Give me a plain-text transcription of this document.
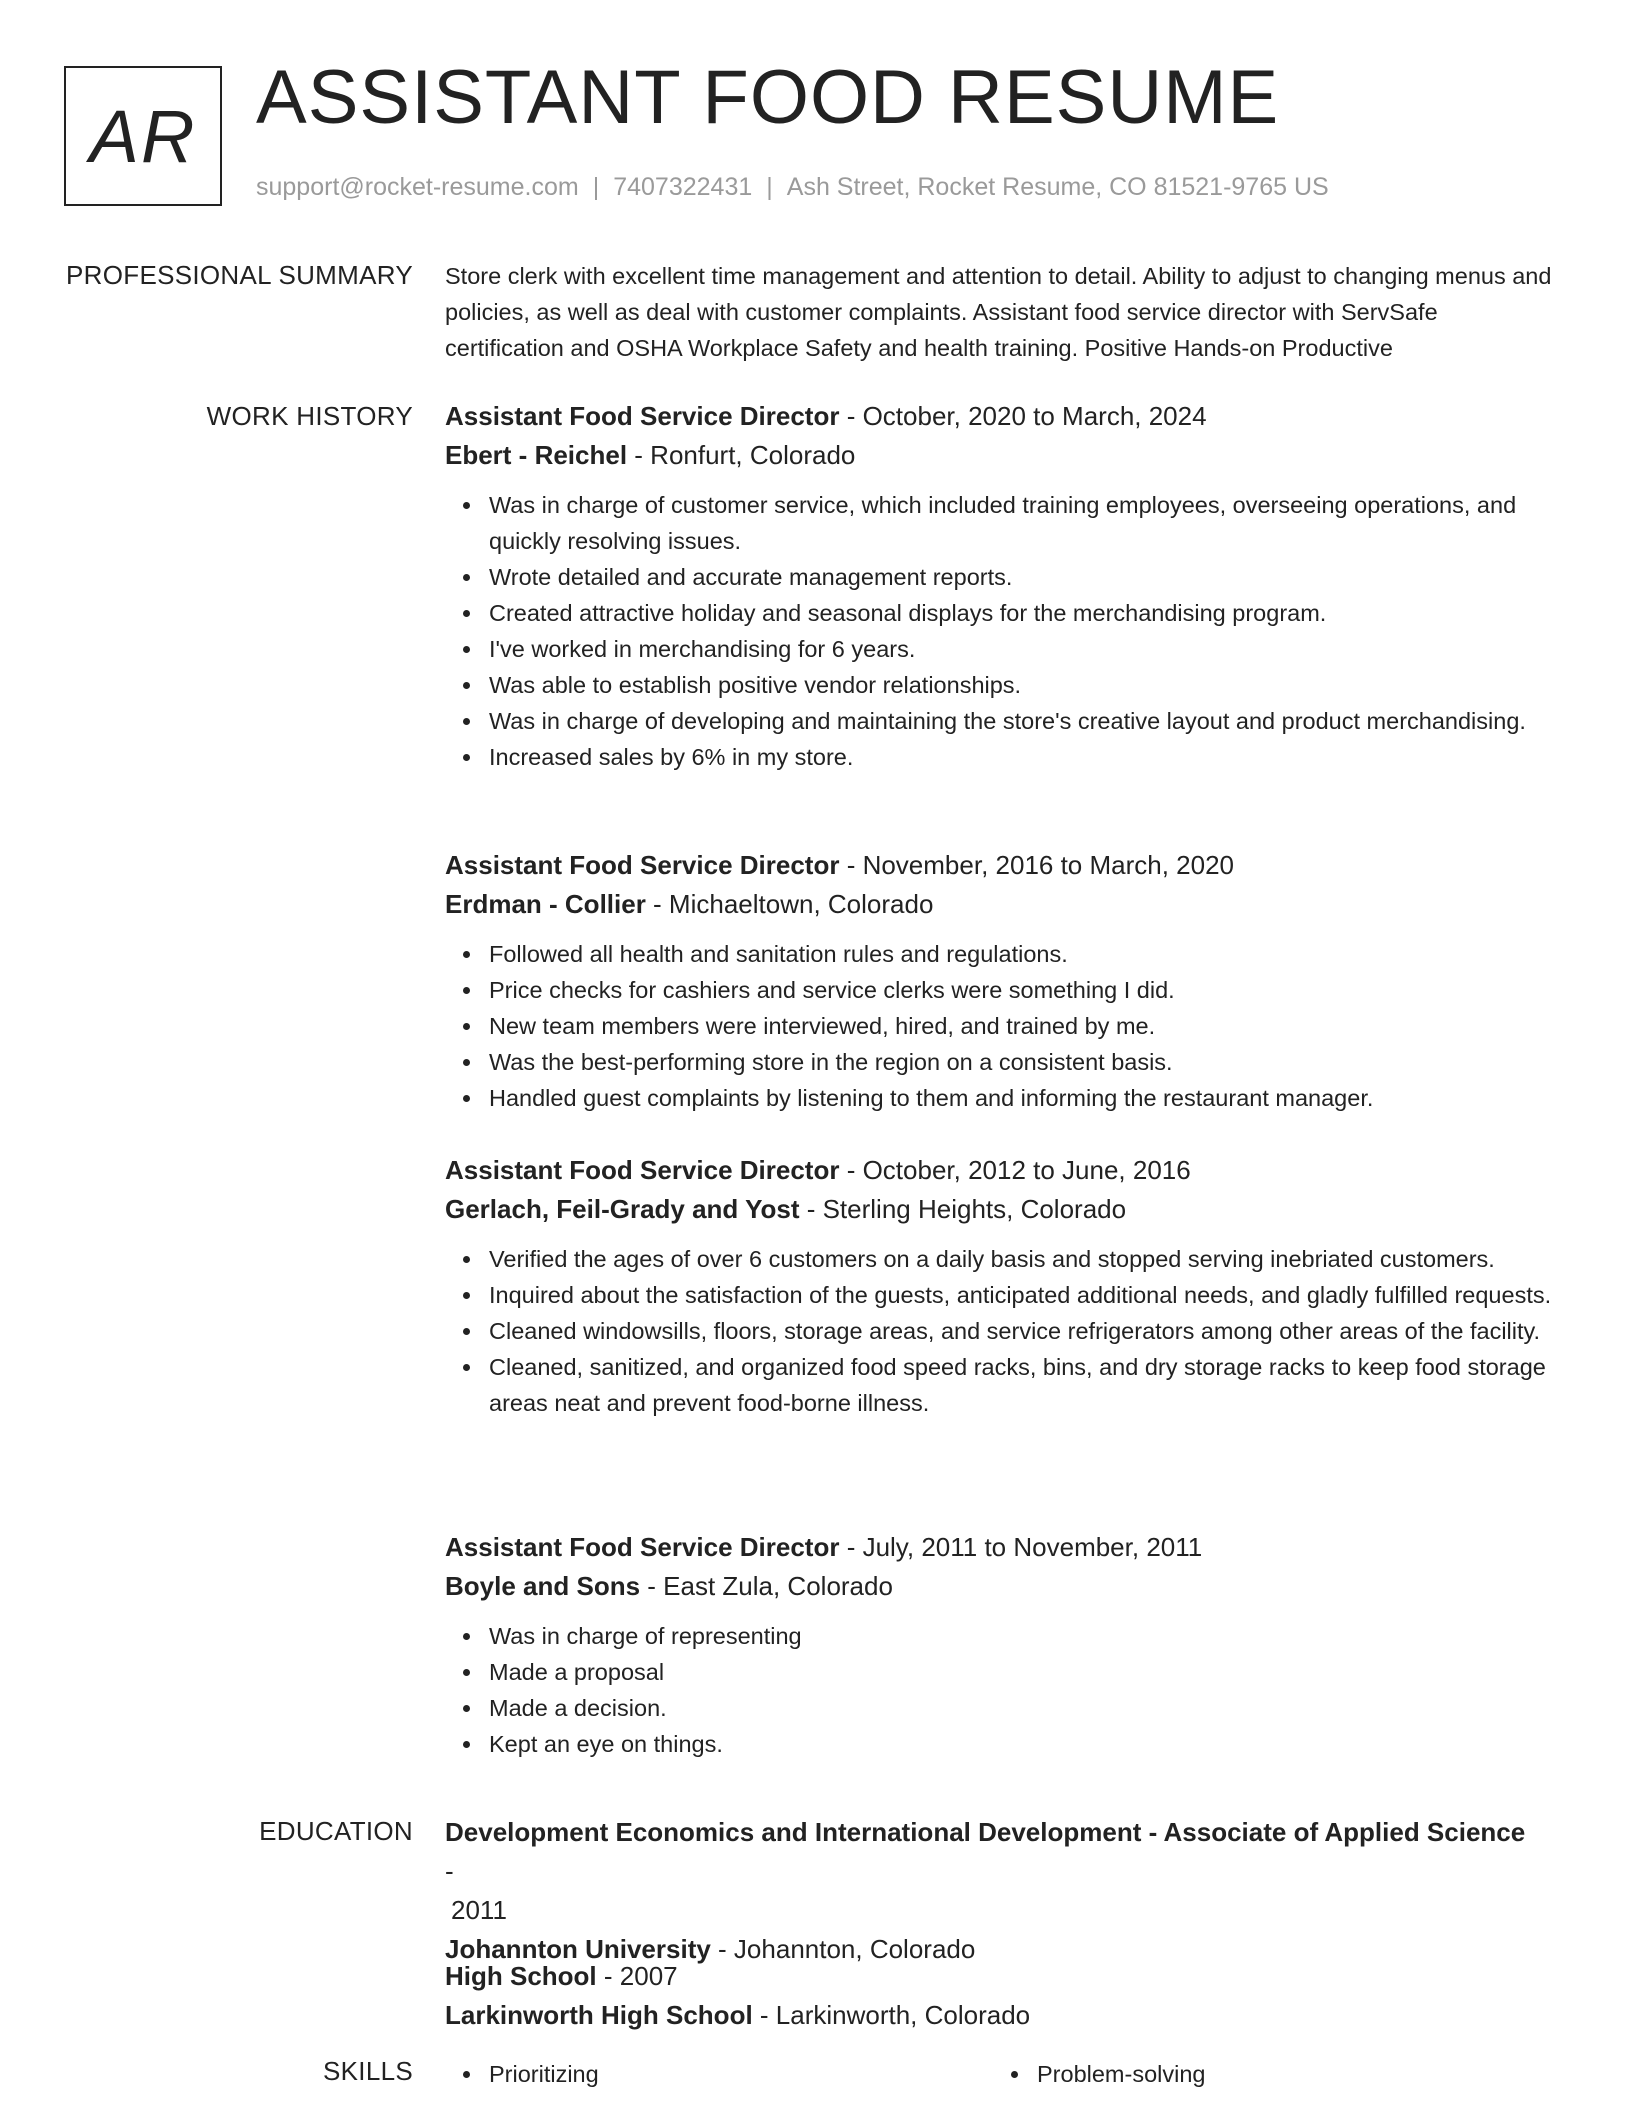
AR ASSISTANT FOOD RESUME
support@rocket-resume.com | 7407322431 | Ash Street, Rocket Resume, CO 81521-9765 US
PROFESSIONAL SUMMARY Store clerk with excellent time management and attention to detail. Ability to adjust to changing menus and policies, as well as deal with customer complaints. Assistant food service director with ServSafe certification and OSHA Workplace Safety and health training. Positive Hands-on Productive

WORK HISTORY Assistant Food Service Director - October, 2020 to March, 2024
Ebert - Reichel - Ronfurt, Colorado
Was in charge of customer service, which included training employees, overseeing operations, and quickly resolving issues.
Wrote detailed and accurate management reports.
Created attractive holiday and seasonal displays for the merchandising program.
I've worked in merchandising for 6 years.
Was able to establish positive vendor relationships.
Was in charge of developing and maintaining the store's creative layout and product merchandising.
Increased sales by 6% in my store.
Assistant Food Service Director - November, 2016 to March, 2020
Erdman - Collier - Michaeltown, Colorado
Followed all health and sanitation rules and regulations.
Price checks for cashiers and service clerks were something I did.
New team members were interviewed, hired, and trained by me.
Was the best-performing store in the region on a consistent basis.
Handled guest complaints by listening to them and informing the restaurant manager.
Assistant Food Service Director - October, 2012 to June, 2016
Gerlach, Feil-Grady and Yost - Sterling Heights, Colorado
Verified the ages of over 6 customers on a daily basis and stopped serving inebriated customers.
Inquired about the satisfaction of the guests, anticipated additional needs, and gladly fulfilled requests.
Cleaned windowsills, floors, storage areas, and service refrigerators among other areas of the facility.
Cleaned, sanitized, and organized food speed racks, bins, and dry storage racks to keep food storage areas neat and prevent food-borne illness.
Assistant Food Service Director - July, 2011 to November, 2011
Boyle and Sons - East Zula, Colorado
Was in charge of representing
Made a proposal
Made a decision.
Kept an eye on things.
EDUCATION Development Economics and International Development - Associate of Applied Science -
2011
Johannton University - Johannton, Colorado
High School - 2007
Larkinworth High School - Larkinworth, Colorado
SKILLS	Prioritizing	Problem-solving
